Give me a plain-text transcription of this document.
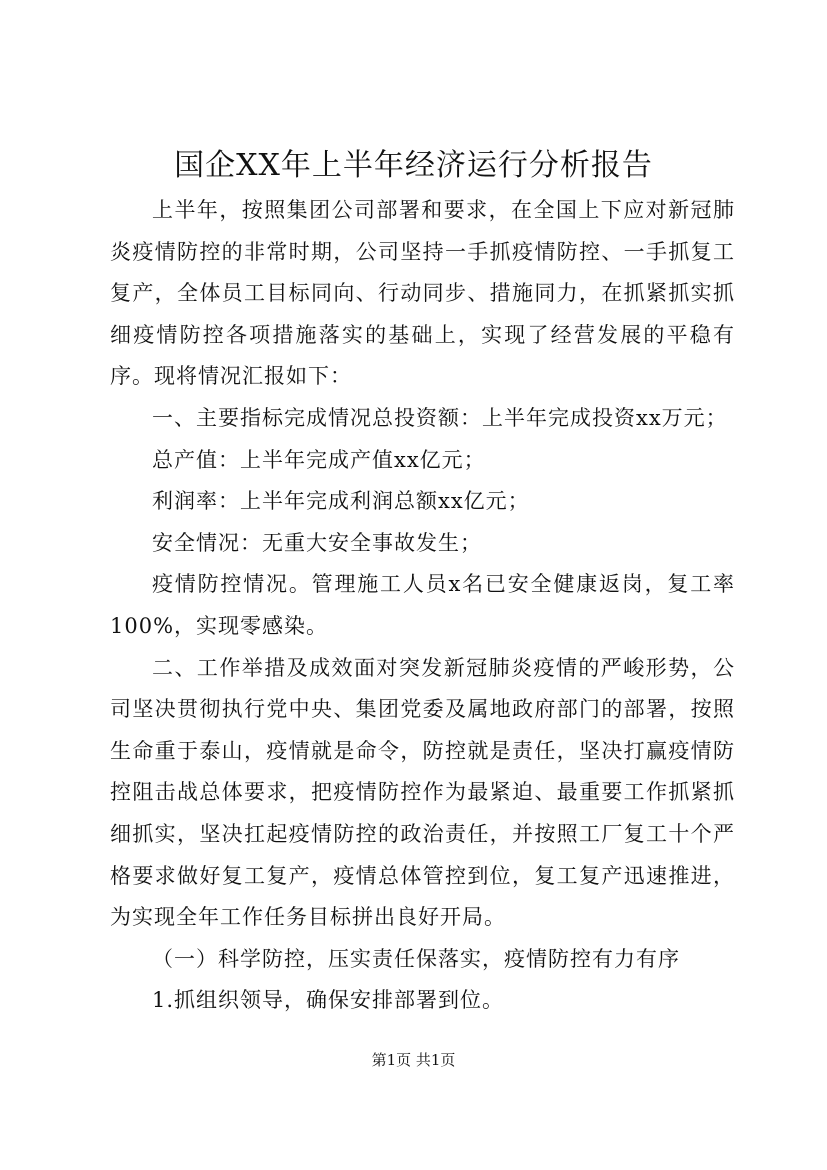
国企XX年上半年经济运行分析报告

上半年，按照集团公司部署和要求，在全国上下应对新冠肺炎疫情防控的非常时期，公司坚持一手抓疫情防控、一手抓复工复产，全体员工目标同向、行动同步、措施同力，在抓紧抓实抓细疫情防控各项措施落实的基础上，实现了经营发展的平稳有序。现将情况汇报如下：

一、主要指标完成情况总投资额：上半年完成投资xx万元；

总产值：上半年完成产值xx亿元；

利润率：上半年完成利润总额xx亿元；

安全情况：无重大安全事故发生；

疫情防控情况。管理施工人员x名已安全健康返岗，复工率100%，实现零感染。

二、工作举措及成效面对突发新冠肺炎疫情的严峻形势，公司坚决贯彻执行党中央、集团党委及属地政府部门的部署，按照生命重于泰山，疫情就是命令，防控就是责任，坚决打赢疫情防控阻击战总体要求，把疫情防控作为最紧迫、最重要工作抓紧抓细抓实，坚决扛起疫情防控的政治责任，并按照工厂复工十个严格要求做好复工复产，疫情总体管控到位，复工复产迅速推进，为实现全年工作任务目标拼出良好开局。

（一）科学防控，压实责任保落实，疫情防控有力有序

1.抓组织领导，确保安排部署到位。

第1页 共1页
